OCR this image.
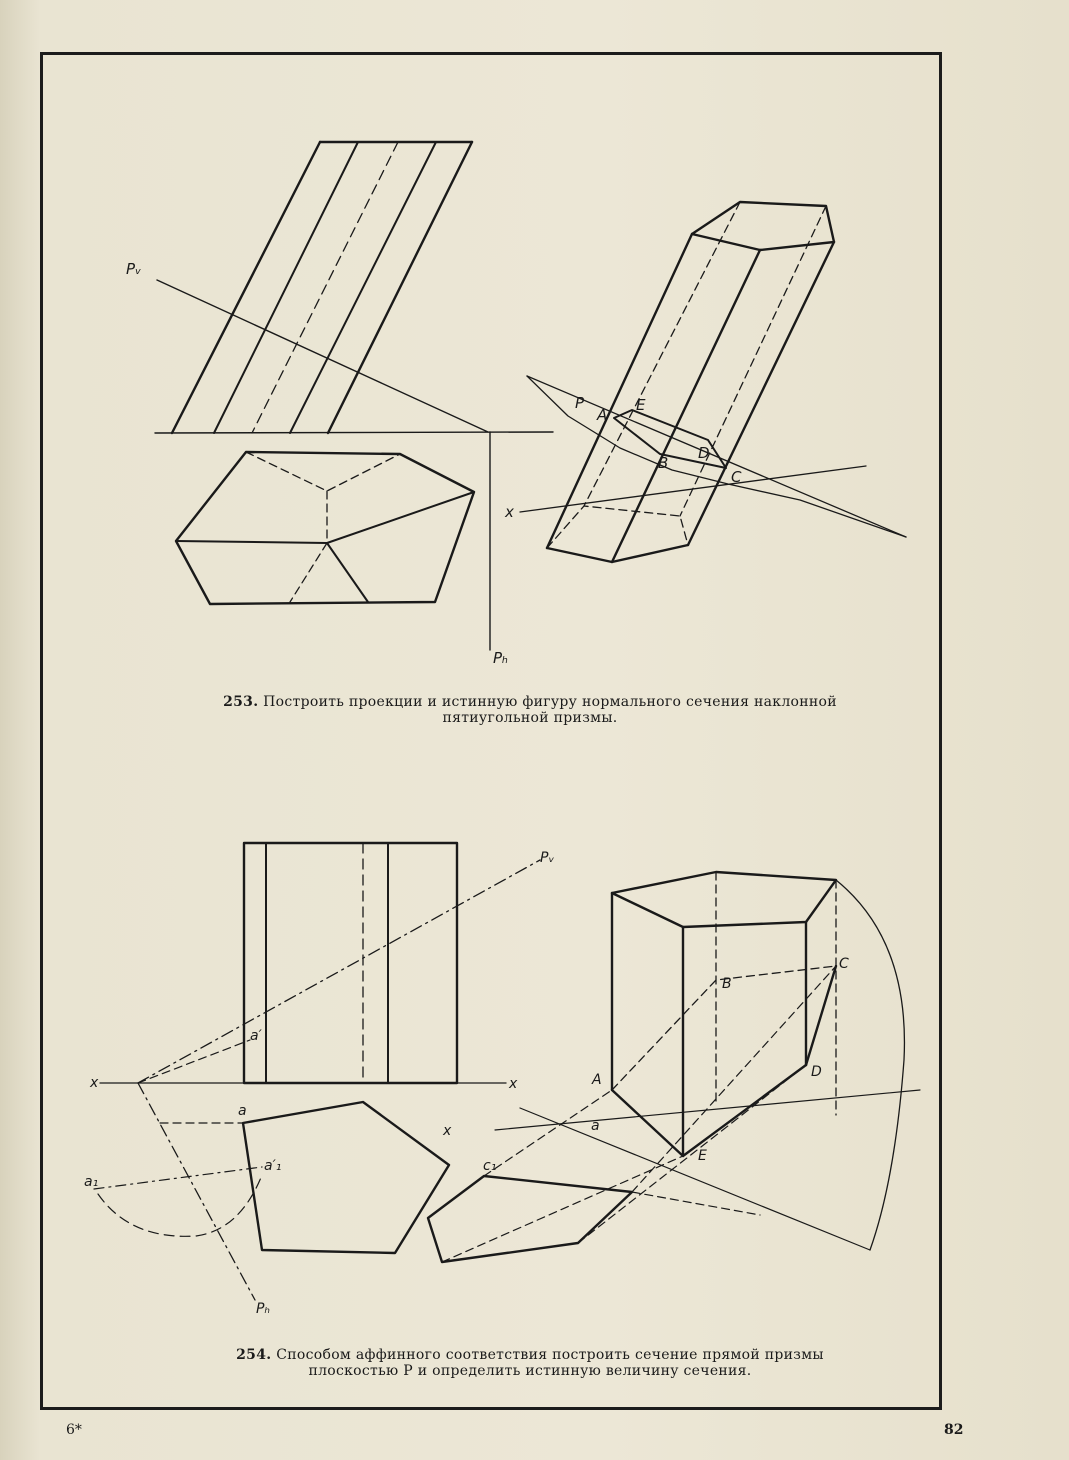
Pᵥ
Pₕ
P
A
E
B
D
C
x
Pᵥ
Pₕ
x	x
x
a′
a
a′₁
a₁
A
B
C
D
E
a
c₁
253. Построить проекции и истинную фигуру нормального сечения наклонной
пятиугольной призмы.
254. Способом аффинного соответствия построить сечение прямой призмы
плоскостью P и определить истинную величину сечения.
6*	82
